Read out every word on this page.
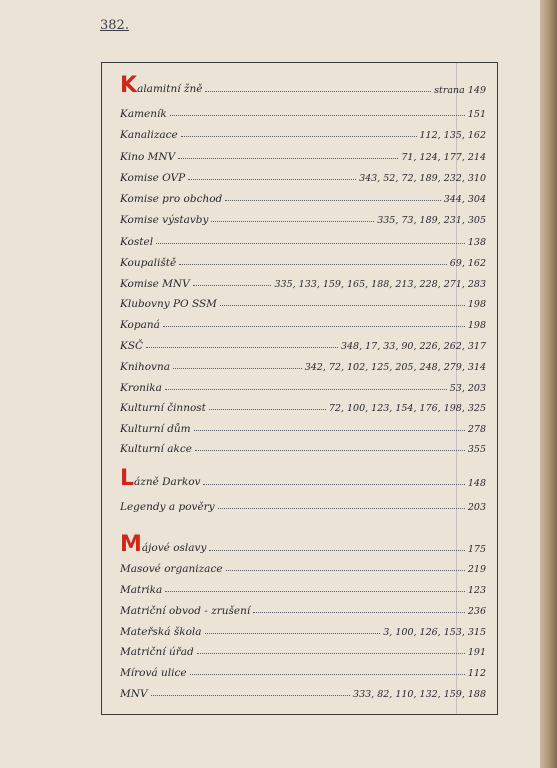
382.
Kalamitní žně	strana 149
Kameník	151
Kanalizace	112, 135, 162
Kino MNV	71, 124, 177, 214
Komise OVP	343, 52, 72, 189, 232, 310
Komise pro obchod	344, 304
Komise výstavby	335, 73, 189, 231, 305
Kostel	138
Koupaliště	69, 162
Komise MNV	335, 133, 159, 165, 188, 213, 228, 271, 283
Klubovny PO SSM	198
Kopaná	198
KSČ	348, 17, 33, 90, 226, 262, 317
Knihovna	342, 72, 102, 125, 205, 248, 279, 314
Kronika	53, 203
Kulturní činnost	72, 100, 123, 154, 176, 198, 325
Kulturní dům	278
Kulturní akce	355
Lázně Darkov	148
Legendy a pověry	203
Májové oslavy	175
Masové organizace	219
Matrika	123
Matriční obvod - zrušení	236
Mateřská škola	3, 100, 126, 153, 315
Matriční úřad	191
Mírová ulice	112
MNV	333, 82, 110, 132, 159, 188
